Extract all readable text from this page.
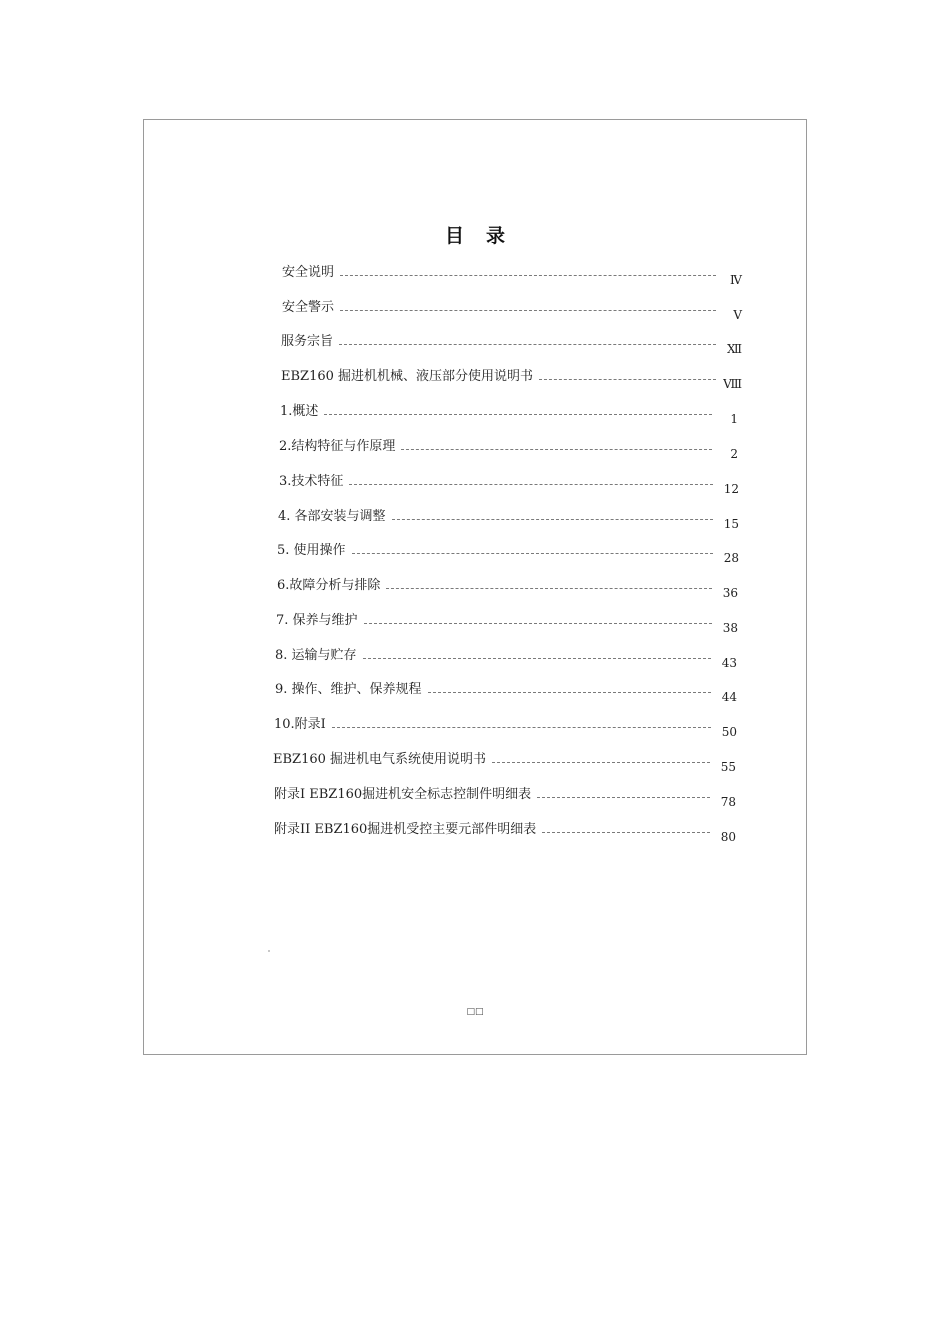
目录
安全说明	Ⅳ
安全警示	Ⅴ
服务宗旨	Ⅻ
EBZ160 掘进机机械、液压部分使用说明书	Ⅷ
1.概述	1
2.结构特征与作原理	2
3.技术特征	12
4. 各部安装与调整	15
5. 使用操作	28
6.故障分析与排除	36
7. 保养与维护	38
8. 运输与贮存	43
9. 操作、维护、保养规程	44
10.附录Ⅰ	50
EBZ160 掘进机电气系统使用说明书	55
附录Ⅰ EBZ160掘进机安全标志控制件明细表	78
附录II EBZ160掘进机受控主要元部件明细表	80
□□
